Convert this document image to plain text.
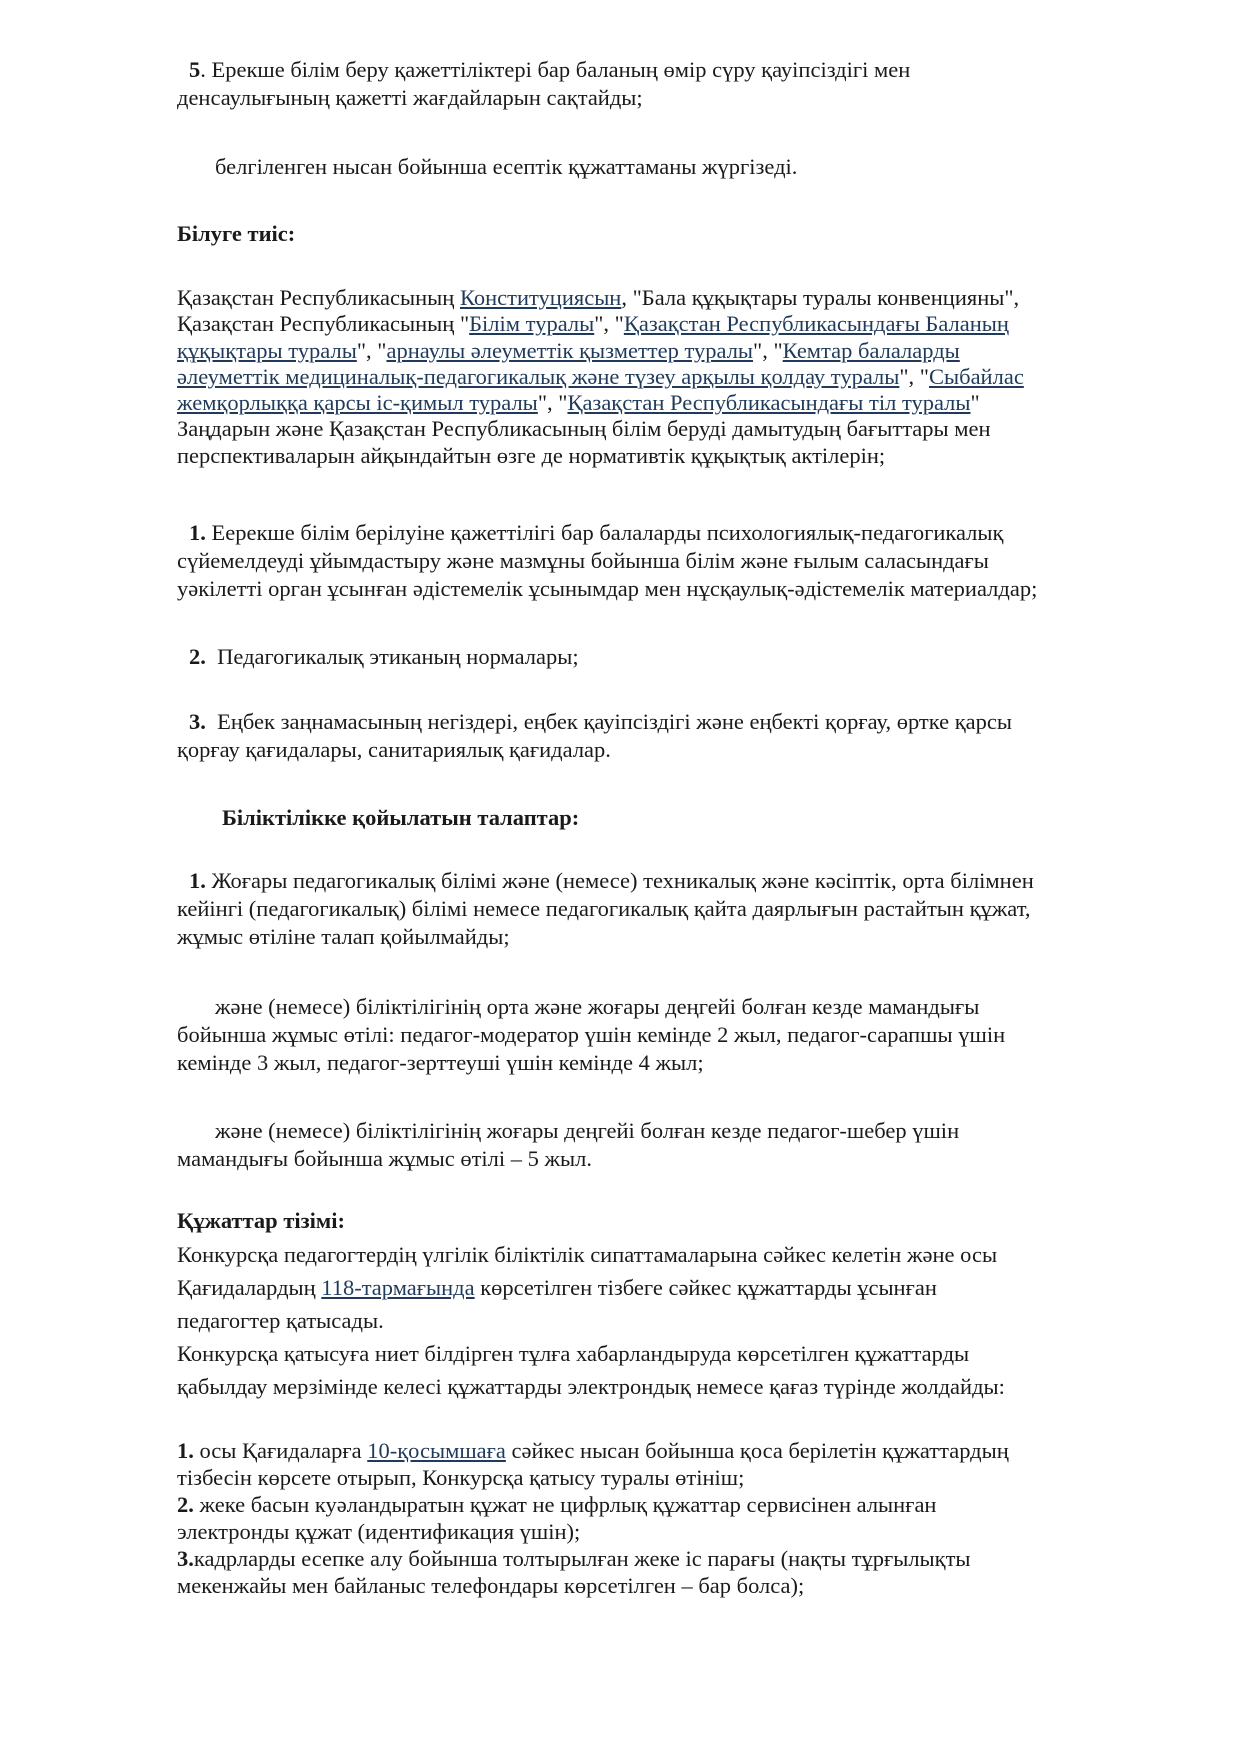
5. Ерекше білім беру қажеттіліктері бар баланың өмір сүру қауіпсіздігі мен
денсаулығының қажетті жағдайларын сақтайды;

белгіленген нысан бойынша есептік құжаттаманы жүргізеді.

Білуге тиіс:

Қазақстан Республикасының Конституциясын, "Бала құқықтары туралы конвенцияны",
Қазақстан Республикасының "Білім туралы", "Қазақстан Республикасындағы Баланың
құқықтары туралы", "арнаулы әлеуметтік қызметтер туралы", "Кемтар балаларды
әлеуметтік медициналық-педагогикалық және түзеу арқылы қолдау туралы", "Сыбайлас
жемқорлыққа қарсы іс-қимыл туралы", "Қазақстан Республикасындағы тіл туралы"
Заңдарын және Қазақстан Республикасының білім беруді дамытудың бағыттары мен
перспективаларын айқындайтын өзге де нормативтік құқықтық актілерін;

1. Еерекше білім берілуіне қажеттілігі бар балаларды психологиялық-педагогикалық
сүйемелдеуді ұйымдастыру және мазмұны бойынша білім және ғылым саласындағы
уәкілетті орган ұсынған әдістемелік ұсынымдар мен нұсқаулық-әдістемелік материалдар;

2.  Педагогикалық этиканың нормалары;

3.  Еңбек заңнамасының негіздері, еңбек қауіпсіздігі және еңбекті қорғау, өртке қарсы
қорғау қағидалары, санитариялық қағидалар.

Біліктілікке қойылатын талаптар:

1. Жоғары педагогикалық білімі және (немесе) техникалық және кәсіптік, орта білімнен
кейінгі (педагогикалық) білімі немесе педагогикалық қайта даярлығын растайтын құжат,
жұмыс өтіліне талап қойылмайды;

және (немесе) біліктілігінің орта және жоғары деңгейі болған кезде мамандығы
бойынша жұмыс өтілі: педагог-модератор үшін кемінде 2 жыл, педагог-сарапшы үшін
кемінде 3 жыл, педагог-зерттеуші үшін кемінде 4 жыл;

және (немесе) біліктілігінің жоғары деңгейі болған кезде педагог-шебер үшін
мамандығы бойынша жұмыс өтілі – 5 жыл.

Құжаттар тізімі:

Конкурсқа педагогтердің үлгілік біліктілік сипаттамаларына сәйкес келетін және осы
Қағидалардың 118-тармағында көрсетілген тізбеге сәйкес құжаттарды ұсынған
педагогтер қатысады.
Конкурсқа қатысуға ниет білдірген тұлға хабарландыруда көрсетілген құжаттарды
қабылдау мерзімінде келесі құжаттарды электрондық немесе қағаз түрінде жолдайды:

1. осы Қағидаларға 10-қосымшаға сәйкес нысан бойынша қоса берілетін құжаттардың
тізбесін көрсете отырып, Конкурсқа қатысу туралы өтініш;
2. жеке басын куәландыратын құжат не цифрлық құжаттар сервисінен алынған
электронды құжат (идентификация үшін);
3.кадрларды есепке алу бойынша толтырылған жеке іс парағы (нақты тұрғылықты
мекенжайы мен байланыс телефондары көрсетілген – бар болса);
